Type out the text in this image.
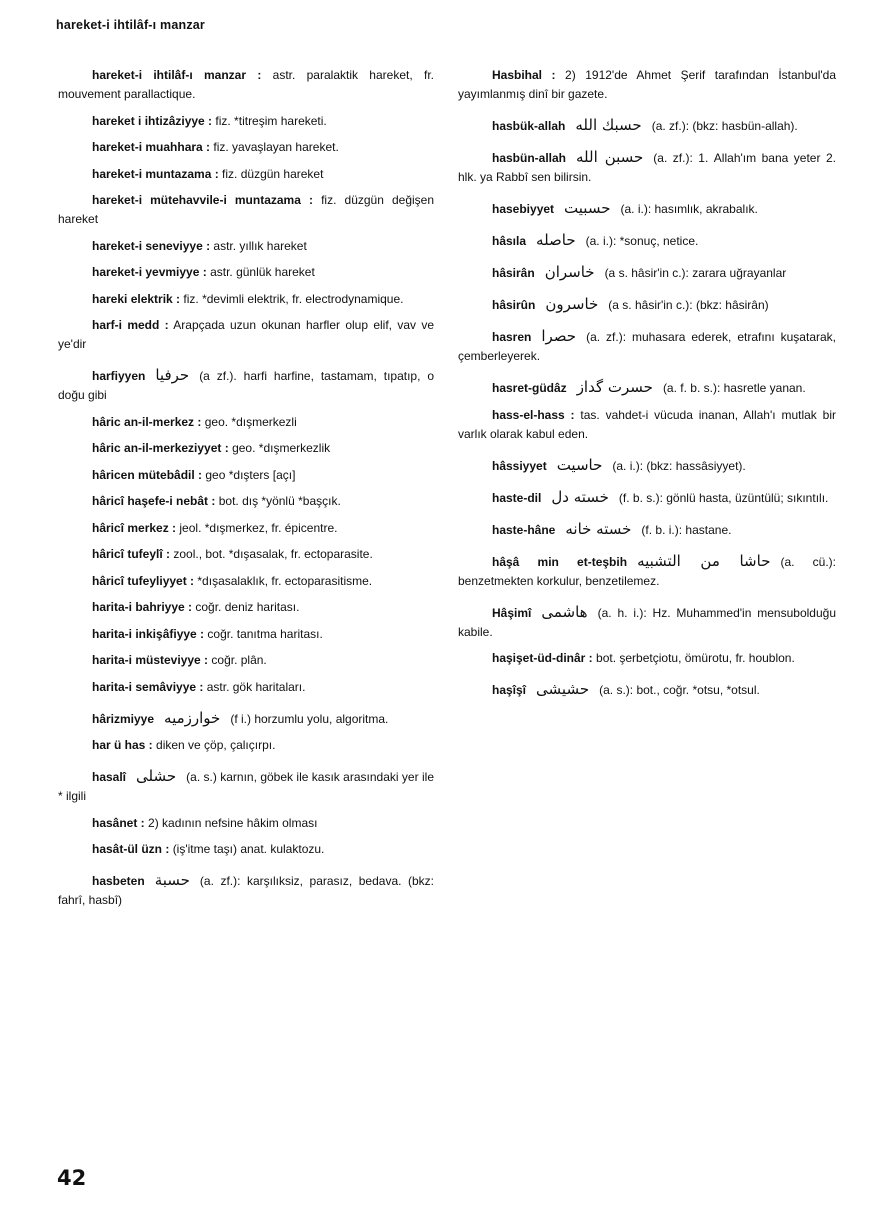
hareket-i ihtilâf-ı manzar

hareket-i ihtilâf-ı manzar : astr. paralaktik hareket, fr. mouvement parallactique.

hareket i ihtizâziyye : fiz. *titreşim hareketi.

hareket-i muahhara : fiz. yavaşlayan hareket.

hareket-i muntazama : fiz. düzgün hareket

hareket-i mütehavvile-i muntazama : fiz. düzgün değişen hareket

hareket-i seneviyye : astr. yıllık hareket

hareket-i yevmiyye : astr. günlük hareket

hareki elektrik : fiz. *devimli elektrik, fr. electrodynamique.

harf-i medd : Arapçada uzun okunan harfler olup elif, vav ve ye'dir

harfiyyen حرفيا (a zf.). harfi harfine, tastamam, tıpatıp, o doğu gibi

hâric an-il-merkez : geo. *dışmerkezli

hâric an-il-merkeziyyet : geo. *dışmerkezlik

hâricen mütebâdil : geo *dışters [açı]

hâricî haşefe-i nebât : bot. dış *yönlü *başçık.

hâricî merkez : jeol. *dışmerkez, fr. épicentre.

hâricî tufeylî : zool., bot. *dışasalak, fr. ectoparasite.

hâricî tufeyliyyet : *dışasalaklık, fr. ectoparasitisme.

harita-i bahriyye : coğr. deniz haritası.

harita-i inkişâfiyye : coğr. tanıtma haritası.

harita-i müsteviyye : coğr. plân.

harita-i semâviyye : astr. gök haritaları.

hârizmiyye خوارزميه (f i.) horzumlu yolu, algoritma.

har ü has : diken ve çöp, çalıçırpı.

hasalî حشلى (a. s.) karnın, göbek ile kasık arasındaki yer ile * ilgili

hasânet : 2) kadının nefsine hâkim olması

hasât-ül üzn : (iş'itme taşı) anat. kulaktozu.

hasbeten حسبة (a. zf.): karşılıksiz, parasız, bedava. (bkz: fahrî, hasbî)

Hasbihal : 2) 1912'de Ahmet Şerif tarafından İstanbul'da yayımlanmış dinî bir gazete.

hasbük-allah حسبك الله (a. zf.): (bkz: hasbün-allah).

hasbün-allah حسبن الله (a. zf.): 1. Allah'ım bana yeter 2. hlk. ya Rabbî sen bilirsin.

hasebiyyet حسبيت (a. i.): hasımlık, akrabalık.

hâsıla حاصله (a. i.): *sonuç, netice.

hâsirân خاسران (a s. hâsir'in c.): zarara uğrayanlar

hâsirûn خاسرون (a s. hâsir'in c.): (bkz: hâsirân)

hasren حصرا (a. zf.): muhasara ederek, etrafını kuşatarak, çemberleyerek.

hasret-güdâz حسرت گداز (a. f. b. s.): hasretle yanan.

hass-el-hass : tas. vahdet-i vücuda inanan, Allah'ı mutlak bir varlık olarak kabul eden.

hâssiyyet حاسيت (a. i.): (bkz: hassâsiyyet).

haste-dil خسته دل (f. b. s.): gönlü hasta, üzüntülü; sıkıntılı.

haste-hâne خسته خانه (f. b. i.): hastane.

hâşâ min et-teşbih حاشا من التشبيه (a. cü.): benzetmekten korkulur, benzetilemez.

Hâşimî هاشمى (a. h. i.): Hz. Muhammed'in mensubolduğu kabile.

haşişet-üd-dinâr : bot. şerbetçiotu, ömürotu, fr. houblon.

haşîşî حشيشى (a. s.): bot., coğr. *otsu, *otsul.

42
